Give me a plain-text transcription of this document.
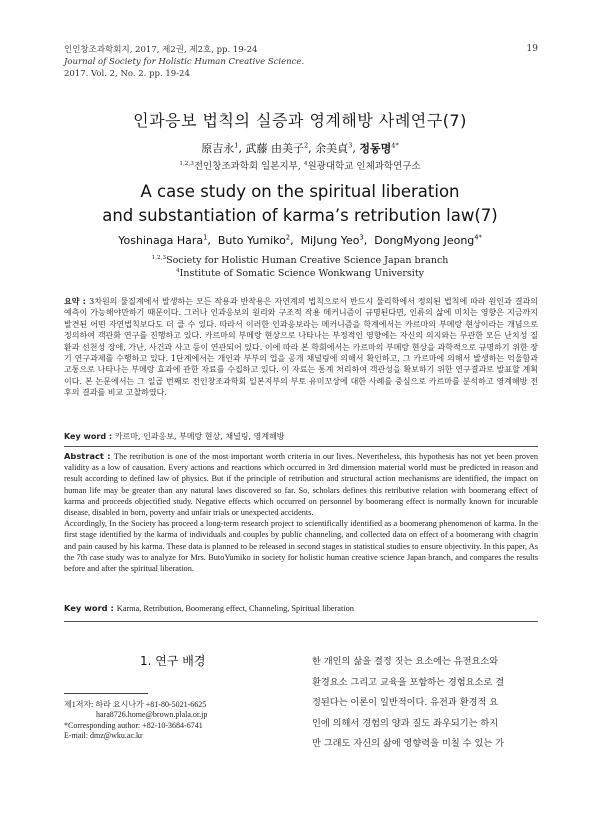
인인창조과학회지, 2017, 제2권, 제2호, pp. 19-24
Journal of Society for Holistic Human Creative Science.
2017. Vol. 2, No. 2. pp. 19-24
19
인과응보 법칙의 실증과 영계해방 사례연구(7)
原吉永$^1$, 武藤 由美子$^2$, 余美貞$^3$, 정동명$^{4*}$
$^{1,2,3}$전인창조과학회 일본지부, $^4$원광대학교 인체과학연구소
A case study on the spiritual liberation
and substantiation of karma’s retribution law(7)
Yoshinaga Hara$^1$,  Buto Yumiko$^2$,  MiJung Yeo$^3$,  DongMyong Jeong$^{4*}$
$^{1,2,3}$Society for Holistic Human Creative Science Japan branch
$^4$Institute of Somatic Science Wonkwang University
요약 : 3차원의 물질계에서 발생하는 모든 작용과 반작용은 자연계의 법칙으로서 반드시 물리학에서 정의된 법칙에 따라 원인과 결과의 예측이 가능해야만하기 때문이다. 그러나 인과응보의 원리와 구조적 작용 메커니즘이 규명된다면, 인류의 삶에 미치는 영향은 지금까지 발견된 어떤 자연법칙보다도 더 클 수 있다. 따라서 이러한 인과응보라는 메커니즘을 학계에서는 카르마의 부메랑 현상이라는 개념으로 정의하여 객관화 연구를 진행하고 있다. 카르마의 부메랑 현상으로 나타나는 부정적인 영향에는 자신의 의지와는 무관한 모든 난치성 질환과 선천성 장애, 가난, 사건과 사고 등이 연관되어 있다. 이에 따라 본 학회에서는 카르마의 부메랑 현상을 과학적으로 규명하기 위한 장기 연구과제를 수행하고 있다. 1단계에서는 개인과 부부의 업을 공개 채널링에 의해서 확인하고, 그 카르마에 의해서 발생하는 억울함과 고통으로 나타나는 부메랑 효과에 관한 자료를 수집하고 있다. 이 자료는 통계 처리하여 객관성을 확보하기 위한 연구결과로 발표할 계획이다. 본 논문에서는 그 일곱 번째로 전인창조과학회 일본지부의 부토 유미꼬상에 대한 사례를 중심으로 카르마를 분석하고 영계해방 전후의 결과를 비교 고찰하였다.
Key word : 카르마, 인과응보, 부메랑 현상, 채널링, 영계해방
Abstract : The retribution is one of the most important worth criteria in our lives. Nevertheless, this hypothesis has not yet been proven validity as a low of causation. Every actions and reactions which occurred in 3rd dimension material world must be predicted in reason and result according to defined law of physics. But if the principle of retribution and structural action mechanisms are identified, the impact on human life may be greater than any natural laws discovered so far. So, scholars defines this retributive relation with boomerang effect of karma and proceeds objectified study. Negative effects which occurred on personnel by boomerang effect is normally known for incurable disease, disabled in born, poverty and unfair trials or unexpected accidents.
Accordingly, In the Society has proceed a long-term research project to scientifically identified as a boomerang phenomenon of karma. In the first stage identified by the karma of individuals and couples by public channeling, and collected data on effect of a boomerang with chagrin and pain caused by his karma. These data is planned to be released in second stages in statistical studies to ensure objectivity. In this paper, As the 7th case study was to analyze for Mrs. ButoYumiko in society for holistic human creative science Japan branch, and compares the results before and after the spiritual liberation.
Key word : Karma, Retribution, Boomerang effect, Channeling, Spiritual liberation
1. 연구 배경
제1저자: 하라 요시나가 +81-80-5021-6625
hara8726.home@brown.plala.or.jp
*Corresponding author: +82-10-3684-6741
E-mail: dmz@wku.ac.kr
한 개인의 삶을 결정 짓는 요소에는 유전요소와
환경요소 그리고 교육을 포함하는 경험요소로 결
정된다는 이론이 일반적이다. 유전과 환경적 요
인에 의해서 경험의 양과 질도 좌우되기는 하지
만 그래도 자신의 삶에 영향력을 미칠 수 있는 가
